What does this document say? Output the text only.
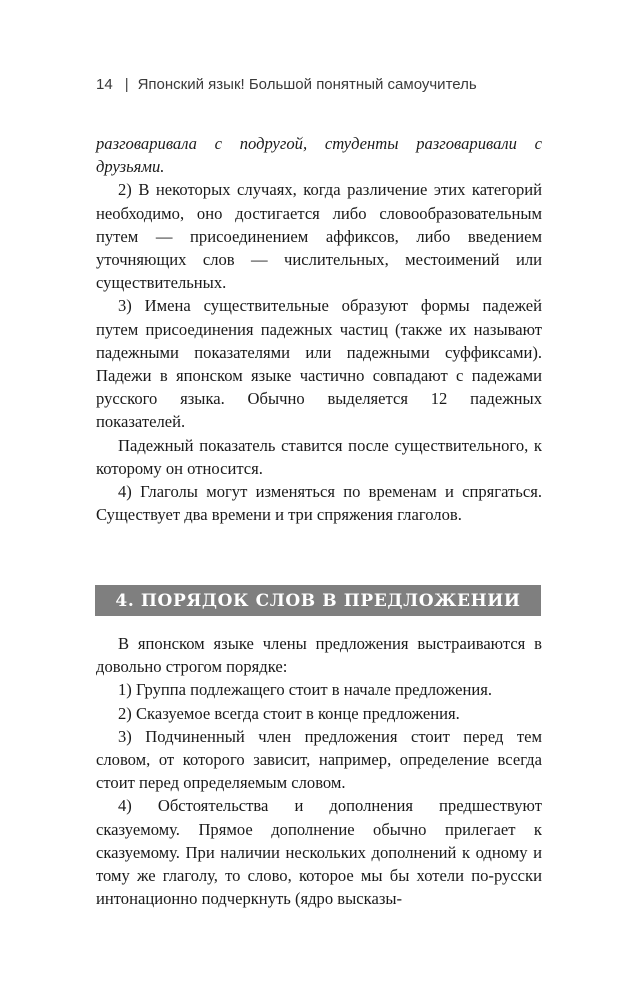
14 | Японский язык! Большой понятный самоучитель

разговаривала с подругой, студенты разговаривали с друзьями.

2) В некоторых случаях, когда различение этих категорий необходимо, оно достигается либо словообразовательным путем — присоединением аффиксов, либо введением уточняющих слов — числительных, местоимений или существительных.

3) Имена существительные образуют формы падежей путем присоединения падежных частиц (также их называют падежными показателями или падежными суффиксами). Падежи в японском языке частично совпадают с падежами русского языка. Обычно выделяется 12 падежных показателей.

Падежный показатель ставится после существительного, к которому он относится.

4) Глаголы могут изменяться по временам и спрягаться. Существует два времени и три спряжения глаголов.

4. ПОРЯДОК СЛОВ В ПРЕДЛОЖЕНИИ

В японском языке члены предложения выстраиваются в довольно строгом порядке:

1) Группа подлежащего стоит в начале предложения.

2) Сказуемое всегда стоит в конце предложения.

3) Подчиненный член предложения стоит перед тем словом, от которого зависит, например, определение всегда стоит перед определяемым словом.

4) Обстоятельства и дополнения предшествуют сказуемому. Прямое дополнение обычно прилегает к сказуемому. При наличии нескольких дополнений к одному и тому же глаголу, то слово, которое мы бы хотели по-русски интонационно подчеркнуть (ядро высказы-
